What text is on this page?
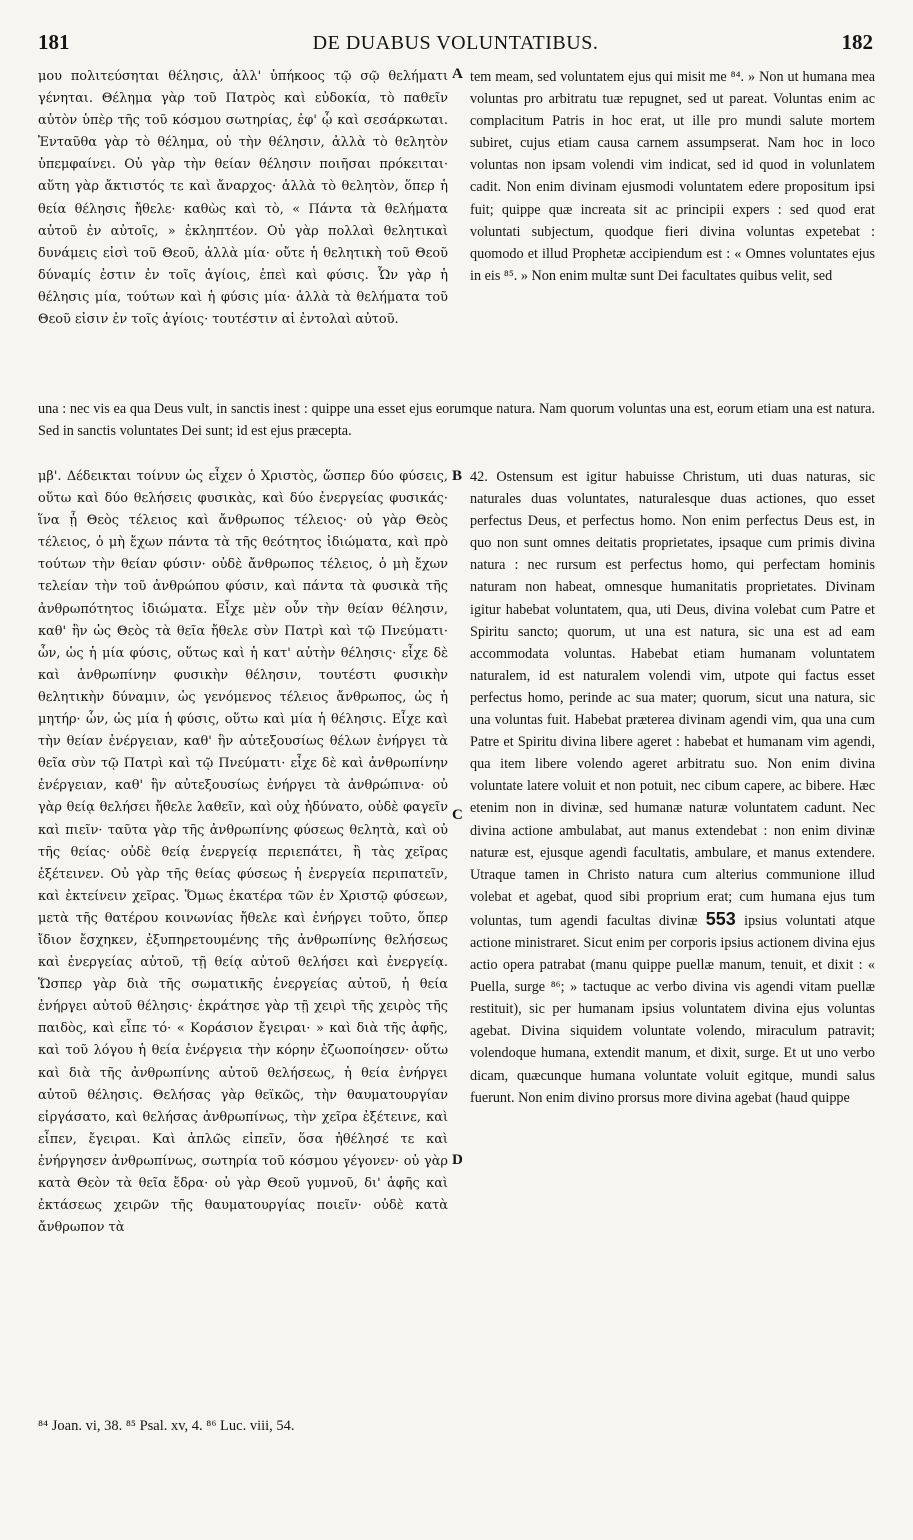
181	DE DUABUS VOLUNTATIBUS.	182
μου πολιτεύσηται θέλησις, ἀλλ' ὑπήκοος τῷ σῷ θελήματι γένηται. Θέλημα γὰρ τοῦ Πατρὸς καὶ εὐδοκία, τὸ παθεῖν αὐτὸν ὑπὲρ τῆς τοῦ κόσμου σωτηρίας, ἐφ' ᾧ καὶ σεσάρκωται. Ἐνταῦθα γὰρ τὸ θέλημα, οὐ τὴν θέλησιν, ἀλλὰ τὸ θελητὸν ὑπεμφαίνει. Οὐ γὰρ τὴν θείαν θέλησιν ποιῆσαι πρόκειται· αὕτη γὰρ ἄκτιστός τε καὶ ἄναρχος· ἀλλὰ τὸ θελητὸν, ὅπερ ἡ θεία θέλησις ἤθελε· καθὼς καὶ τὸ, « Πάντα τὰ θελήματα αὐτοῦ ἐν αὐτοῖς, » ἐκληπτέον. Οὐ γὰρ πολλαὶ θελητικαὶ δυνάμεις εἰσὶ τοῦ Θεοῦ, ἀλλὰ μία· οὔτε ἡ θελητικὴ τοῦ Θεοῦ δύναμίς ἐστιν ἐν τοῖς ἁγίοις, ἐπεὶ καὶ φύσις. Ὧν γὰρ ἡ θέλησις μία, τούτων καὶ ἡ φύσις μία· ἀλλὰ τὰ θελήματα τοῦ Θεοῦ εἰσιν ἐν τοῖς ἁγίοις· τουτέστιν αἱ ἐντολαὶ αὐτοῦ.
A tem meam, sed voluntatem ejus qui misit me ⁸⁴. » Non ut humana mea voluntas pro arbitratu tuæ repugnet, sed ut pareat. Voluntas enim ac complacitum Patris in hoc erat, ut ille pro mundi salute mortem subiret, cujus etiam causa carnem assumpserat. Nam hoc in loco voluntas non ipsam volendi vim indicat, sed id quod in volunlatem cadit. Non enim divinam ejusmodi voluntatem edere propositum ipsi fuit; quippe quæ increata sit ac principii expers : sed quod erat voluntati subjectum, quodque fieri divina voluntas expetebat : quomodo et illud Prophetæ accipiendum est : « Omnes voluntates ejus in eis ⁸⁵. » Non enim multæ sunt Dei facultates quibus velit, sed
una : nec vis ea qua Deus vult, in sanctis inest : quippe una esset ejus eorumque natura. Nam quorum voluntas una est, eorum etiam una est natura. Sed in sanctis voluntates Dei sunt; id est ejus præcepta.
μβ'. Δέδεικται τοίνυν ὡς εἶχεν ὁ Χριστὸς, ὥσπερ δύο φύσεις, οὕτω καὶ δύο θελήσεις φυσικὰς, καὶ δύο ἐνεργείας φυσικάς· ἵνα ᾖ Θεὸς τέλειος καὶ ἄνθρωπος τέλειος· οὐ γὰρ Θεὸς τέλειος, ὁ μὴ ἔχων πάντα τὰ τῆς θεότητος ἰδιώματα, καὶ πρὸ τούτων τὴν θείαν φύσιν· οὐδὲ ἄνθρωπος τέλειος, ὁ μὴ ἔχων τελείαν τὴν τοῦ ἀνθρώπου φύσιν, καὶ πάντα τὰ φυσικὰ τῆς ἀνθρωπότητος ἰδιώματα. Εἶχε μὲν οὖν τὴν θείαν θέλησιν, καθ' ἣν ὡς Θεὸς τὰ θεῖα ἤθελε σὺν Πατρὶ καὶ τῷ Πνεύματι· ὧν, ὡς ἡ μία φύσις, οὕτως καὶ ἡ κατ' αὐτὴν θέλησις· εἶχε δὲ καὶ ἀνθρωπίνην φυσικὴν θέλησιν, τουτέστι φυσικὴν θελητικὴν δύναμιν, ὡς γενόμενος τέλειος ἄνθρωπος, ὡς ἡ μητήρ· ὧν, ὡς μία ἡ φύσις, οὕτω καὶ μία ἡ θέλησις. Εἶχε καὶ τὴν θείαν ἐνέργειαν, καθ' ἣν αὐτεξουσίως θέλων ἐνήργει τὰ θεῖα σὺν τῷ Πατρὶ καὶ τῷ Πνεύματι· εἶχε δὲ καὶ ἀνθρωπίνην ἐνέργειαν, καθ' ἣν αὐτεξουσίως ἐνήργει τὰ ἀνθρώπινα· οὐ γὰρ θείᾳ θελήσει ἤθελε λαθεῖν, καὶ οὐχ ἠδύνατο, οὐδὲ φαγεῖν καὶ πιεῖν· ταῦτα γὰρ τῆς ἀνθρωπίνης φύσεως θελητὰ, καὶ οὐ τῆς θείας· οὐδὲ θείᾳ ἐνεργείᾳ περιεπάτει, ἢ τὰς χεῖρας ἐξέτεινεν. Οὐ γὰρ τῆς θείας φύσεως ἡ ἐνεργεία περιπατεῖν, καὶ ἐκτείνειν χεῖρας. Ὅμως ἑκατέρα τῶν ἐν Χριστῷ φύσεων, μετὰ τῆς θατέρου κοινωνίας ἤθελε καὶ ἐνήργει τοῦτο, ὅπερ ἴδιον ἔσχηκεν, ἐξυπηρετουμένης τῆς ἀνθρωπίνης θελήσεως καὶ ἐνεργείας αὐτοῦ, τῇ θείᾳ αὐτοῦ θελήσει καὶ ἐνεργείᾳ. Ὥσπερ γὰρ διὰ τῆς σωματικῆς ἐνεργείας αὐτοῦ, ἡ θεία ἐνήργει αὐτοῦ θέλησις· ἐκράτησε γὰρ τῇ χειρὶ τῆς χειρὸς τῆς παιδὸς, καὶ εἶπε τό· « Κοράσιον ἔγειραι· » καὶ διὰ τῆς ἁφῆς, καὶ τοῦ λόγου ἡ θεία ἐνέργεια τὴν κόρην ἐζωοποίησεν· οὕτω καὶ διὰ τῆς ἀνθρωπίνης αὐτοῦ θελήσεως, ἡ θεία ἐνήργει αὐτοῦ θέλησις. Θελήσας γὰρ θεϊκῶς, τὴν θαυματουργίαν εἰργάσατο, καὶ θελήσας ἀνθρωπίνως, τὴν χεῖρα ἐξέτεινε, καὶ εἶπεν, ἔγειραι. Καὶ ἁπλῶς εἰπεῖν, ὅσα ἠθέλησέ τε καὶ ἐνήργησεν ἀνθρωπίνως, σωτηρία τοῦ κόσμου γέγονεν· οὐ γὰρ κατὰ Θεὸν τὰ θεῖα ἔδρα· οὐ γὰρ Θεοῦ γυμνοῦ, δι' ἁφῆς καὶ ἐκτάσεως χειρῶν τῆς θαυματουργίας ποιεῖν· οὐδὲ κατὰ ἄνθρωπον τὰ
B
C
D
42. Ostensum est igitur habuisse Christum, uti duas naturas, sic naturales duas voluntates, naturalesque duas actiones, quo esset perfectus Deus, et perfectus homo. Non enim perfectus Deus est, in quo non sunt omnes deitatis proprietates, ipsaque cum primis divina natura : nec rursum est perfectus homo, qui perfectam hominis naturam non habeat, omnesque humanitatis proprietates. Divinam igitur habebat voluntatem, qua, uti Deus, divina volebat cum Patre et Spiritu sancto; quorum, ut una est natura, sic una est ad eam accommodata voluntas. Habebat etiam humanam voluntatem naturalem, id est naturalem volendi vim, utpote qui factus esset perfectus homo, perinde ac sua mater; quorum, sicut una natura, sic una voluntas fuit. Habebat præterea divinam agendi vim, qua una cum Patre et Spiritu divina libere ageret : habebat et humanam vim agendi, qua item libere volendo ageret arbitratu suo. Non enim divina voluntate latere voluit et non potuit, nec cibum capere, ac bibere. Hæc etenim non in divinæ, sed humanæ naturæ voluntatem cadunt. Nec divina actione ambulabat, aut manus extendebat : non enim divinæ naturæ est, ejusque agendi facultatis, ambulare, et manus extendere. Utraque tamen in Christo natura cum alterius communione illud volebat et agebat, quod sibi proprium erat; cum humana ejus tum voluntas, tum agendi facultas divinæ 553 ipsius voluntati atque actione ministraret. Sicut enim per corporis ipsius actionem divina ejus actio opera patrabat (manu quippe puellæ manum, tenuit, et dixit : « Puella, surge ⁸⁶; » tactuque ac verbo divina vis agendi vitam puellæ restituit), sic per humanam ipsius voluntatem divina ejus voluntas agebat. Divina siquidem voluntate volendo, miraculum patravit; volendoque humana, extendit manum, et dixit, surge. Et ut uno verbo dicam, quæcunque humana voluntate voluit egitque, mundi salus fuerunt. Non enim divino prorsus more divina agebat (haud quippe
⁸⁴ Joan. vi, 38. ⁸⁵ Psal. xv, 4. ⁸⁶ Luc. viii, 54.
